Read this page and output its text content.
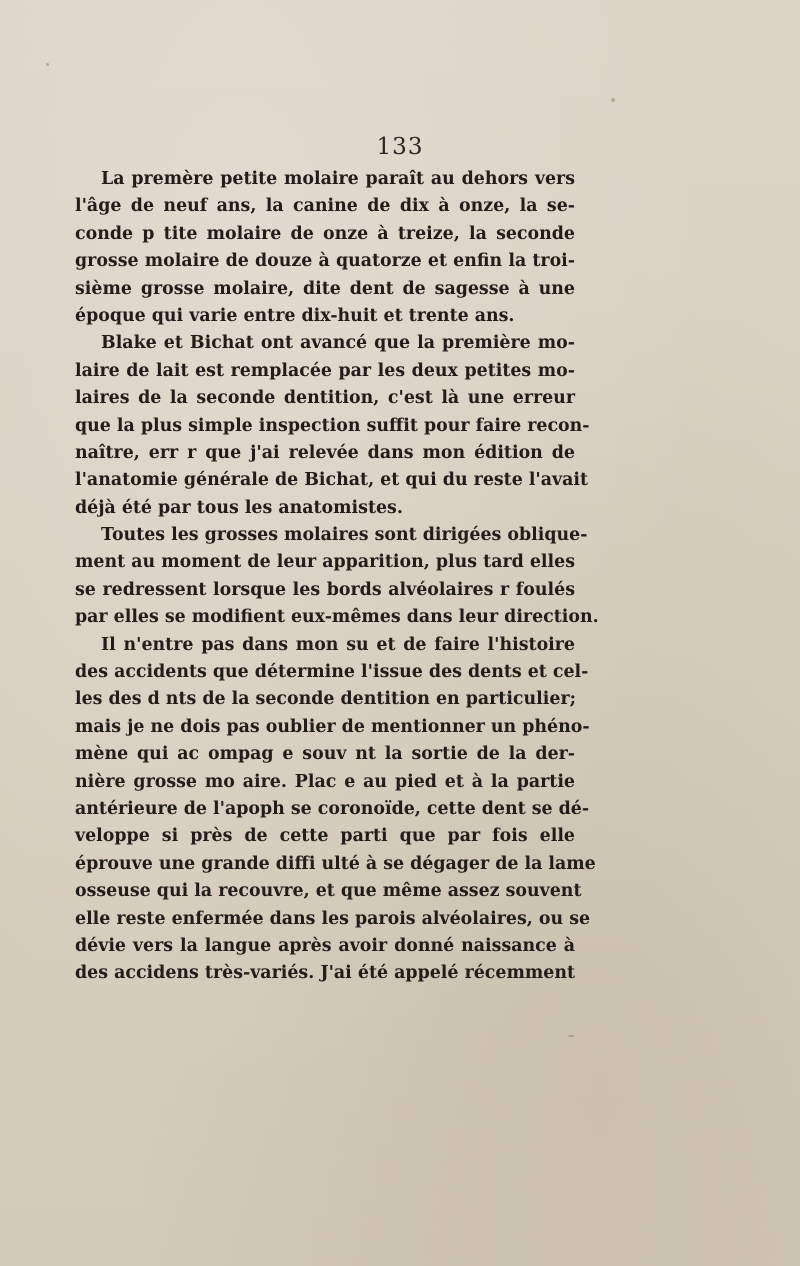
133
La premère petite molaire paraît au dehors vers
l'âge de neuf ans, la canine de dix à onze, la se-
conde p tite molaire de onze à treize, la seconde
grosse molaire de douze à quatorze et enfin la troi-
sième grosse molaire, dite dent de sagesse à une
époque qui varie entre dix-huit et trente ans.
Blake et Bichat ont avancé que la première mo-
laire de lait est remplacée par les deux petites mo-
laires de la seconde dentition, c'est là une erreur
que la plus simple inspection suffit pour faire recon-
naître, err r que j'ai relevée dans mon édition de
l'anatomie générale de Bichat, et qui du reste l'avait
déjà été par tous les anatomistes.
Toutes les grosses molaires sont dirigées oblique-
ment au moment de leur apparition, plus tard elles
se redressent lorsque les bords alvéolaires r foulés
par elles se modifient eux-mêmes dans leur direction.
Il n'entre pas dans mon su et de faire l'histoire
des accidents que détermine l'issue des dents et cel-
les des d nts de la seconde dentition en particulier;
mais je ne dois pas oublier de mentionner un phéno-
mène qui ac ompag e souv nt la sortie de la der-
nière grosse mo aire. Plac e au pied et à la partie
antérieure de l'apoph se coronoïde, cette dent se dé-
veloppe si près de cette parti que par fois elle
éprouve une grande diffi ulté à se dégager de la lame
osseuse qui la recouvre, et que même assez souvent
elle reste enfermée dans les parois alvéolaires, ou se
dévie vers la langue après avoir donné naissance à
des accidens très-variés. J'ai été appelé récemment
